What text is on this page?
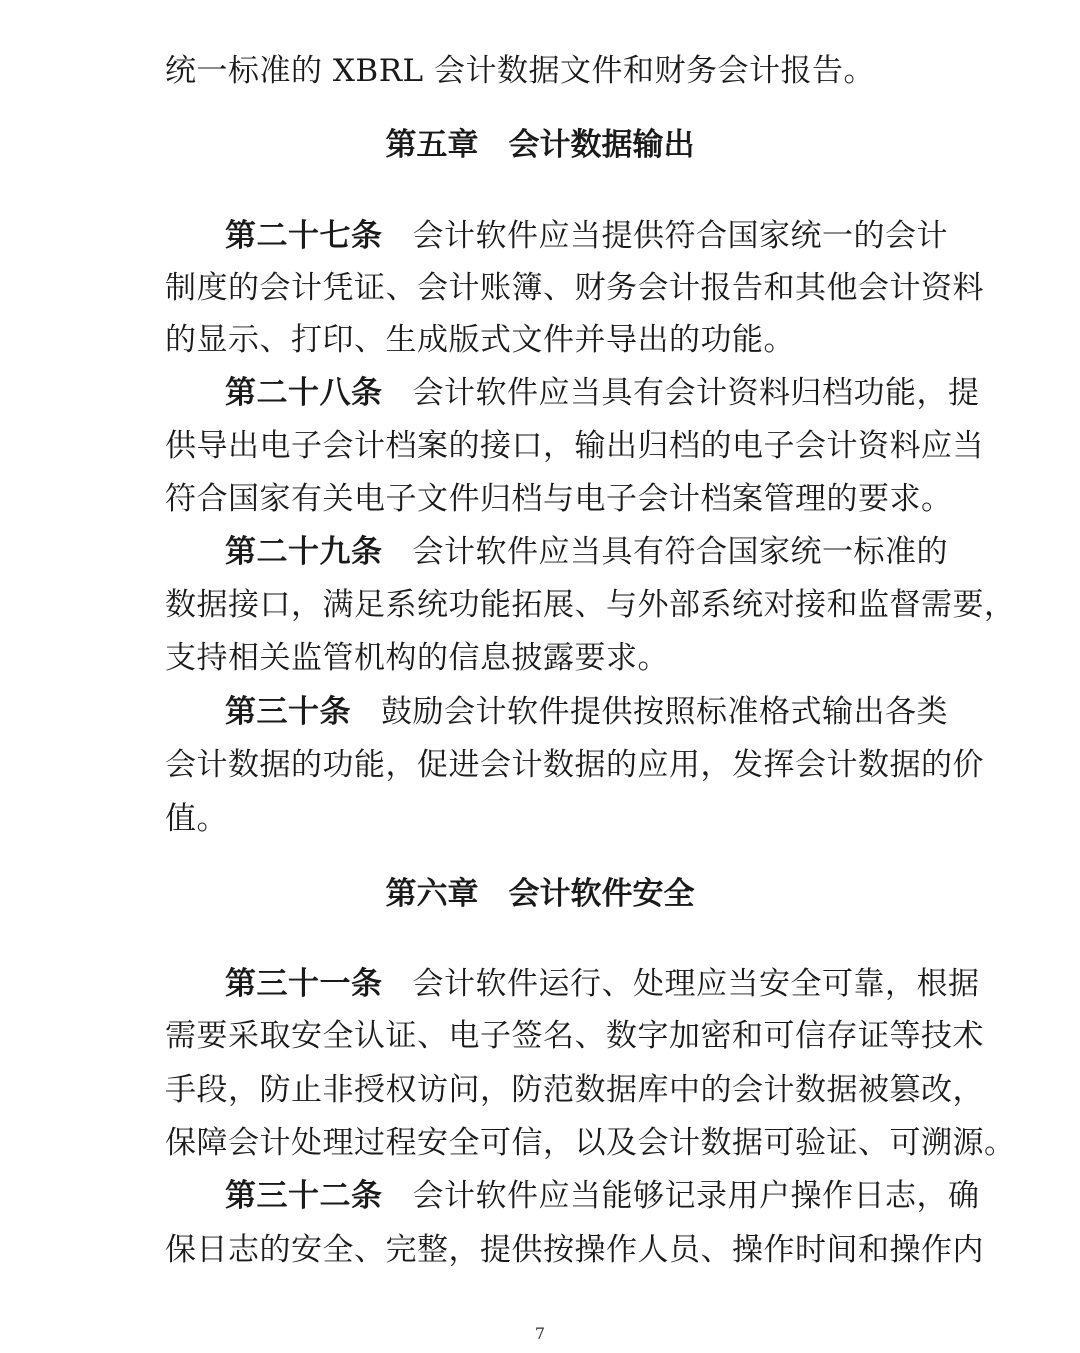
统一标准的 XBRL 会计数据文件和财务会计报告。
第五章 会计数据输出
第二十七条 会计软件应当提供符合国家统一的会计
制度的会计凭证、会计账簿、财务会计报告和其他会计资料
的显示、打印、生成版式文件并导出的功能。
第二十八条 会计软件应当具有会计资料归档功能，提
供导出电子会计档案的接口，输出归档的电子会计资料应当
符合国家有关电子文件归档与电子会计档案管理的要求。
第二十九条 会计软件应当具有符合国家统一标准的
数据接口，满足系统功能拓展、与外部系统对接和监督需要，
支持相关监管机构的信息披露要求。
第三十条 鼓励会计软件提供按照标准格式输出各类
会计数据的功能，促进会计数据的应用，发挥会计数据的价
值。
第六章 会计软件安全
第三十一条 会计软件运行、处理应当安全可靠，根据
需要采取安全认证、电子签名、数字加密和可信存证等技术
手段，防止非授权访问，防范数据库中的会计数据被篡改，
保障会计处理过程安全可信，以及会计数据可验证、可溯源。
第三十二条 会计软件应当能够记录用户操作日志，确
保日志的安全、完整，提供按操作人员、操作时间和操作内
7
